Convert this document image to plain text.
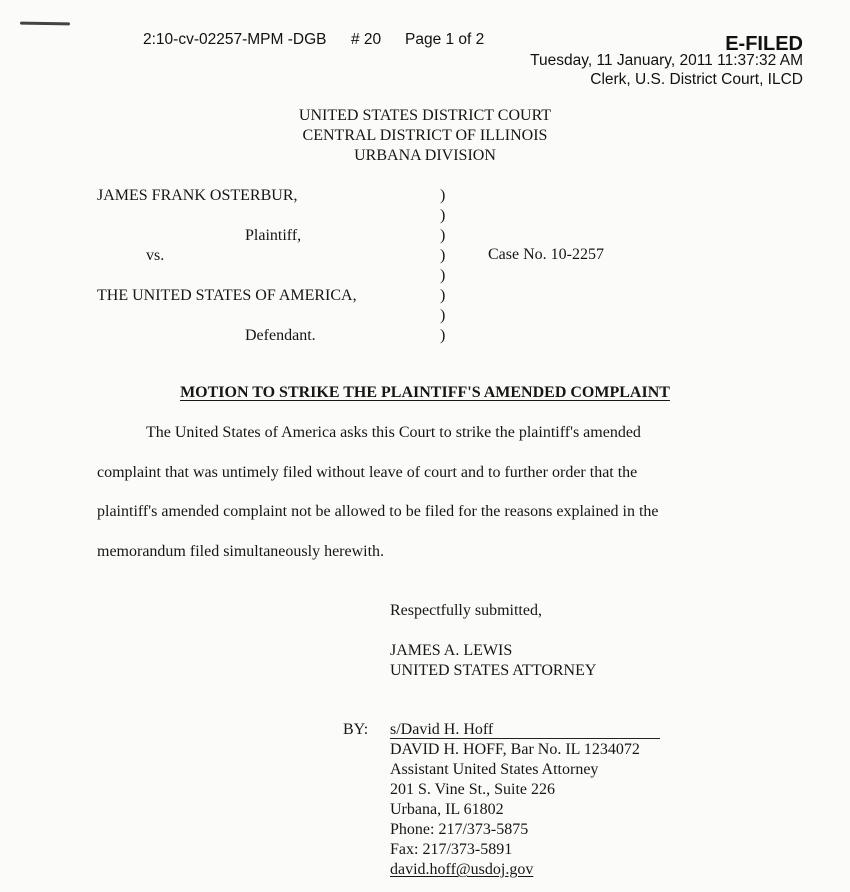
2:10-cv-02257-MPM -DGB # 20 Page 1 of 2	E-FILED
Tuesday, 11 January, 2011 11:37:32 AM
Clerk, U.S. District Court, ILCD
UNITED STATES DISTRICT COURT
CENTRAL DISTRICT OF ILLINOIS
URBANA DIVISION
JAMES FRANK OSTERBUR,
Plaintiff,
vs.
THE UNITED STATES OF AMERICA,
Defendant.
Case No. 10-2257
)
)
)
)
)
)
)
)
MOTION TO STRIKE THE PLAINTIFF'S AMENDED COMPLAINT
The United States of America asks this Court to strike the plaintiff's amended
complaint that was untimely filed without leave of court and to further order that the
plaintiff's amended complaint not be allowed to be filed for the reasons explained in the
memorandum filed simultaneously herewith.
Respectfully submitted,
JAMES A. LEWIS
UNITED STATES ATTORNEY
BY: s/David H. Hoff
DAVID H. HOFF, Bar No. IL 1234072
Assistant United States Attorney
201 S. Vine St., Suite 226
Urbana, IL 61802
Phone: 217/373-5875
Fax: 217/373-5891
david.hoff@usdoj.gov
